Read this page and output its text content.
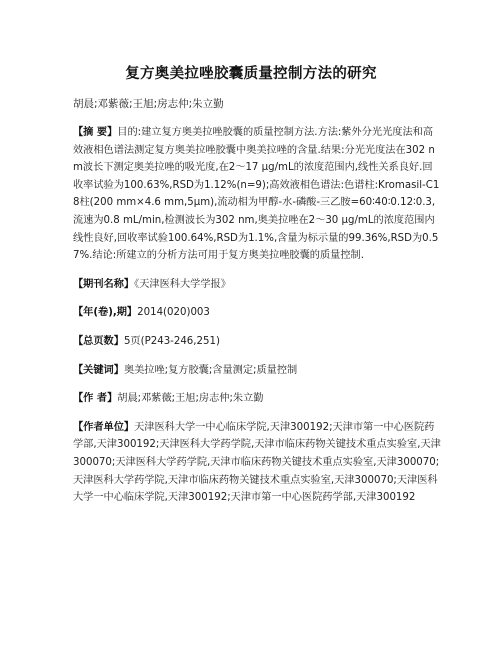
复方奥美拉唑胶囊质量控制方法的研究
胡晨;邓紫薇;王旭;房志仲;朱立勤
【摘 要】目的:建立复方奥美拉唑胶囊的质量控制方法.方法:紫外分光光度法和高效液相色谱法测定复方奥美拉唑胶囊中奥美拉唑的含量.结果:分光光度法在302 nm波长下测定奥美拉唑的吸光度,在2～17 μg/mL的浓度范围内,线性关系良好.回收率试验为100.63%,RSD为1.12%(n=9);高效液相色谱法:色谱柱:Kromasil-C18柱(200 mm×4.6 mm,5μm),流动相为甲醇-水-磷酸-三乙胺=60∶40∶0.12∶0.3,流速为0.8 mL/min,检测波长为302 nm,奥美拉唑在2～30 μg/mL的浓度范围内线性良好,回收率试验100.64%,RSD为1.1%,含量为标示量的99.36%,RSD为0.57%.结论:所建立的分析方法可用于复方奥美拉唑胶囊的质量控制.
【期刊名称】《天津医科大学学报》
【年(卷),期】2014(020)003
【总页数】5页(P243-246,251)
【关键词】奥美拉唑;复方胶囊;含量测定;质量控制
【作 者】胡晨;邓紫薇;王旭;房志仲;朱立勤
【作者单位】天津医科大学一中心临床学院,天津300192;天津市第一中心医院药学部,天津300192;天津医科大学药学院,天津市临床药物关键技术重点实验室,天津300070;天津医科大学药学院,天津市临床药物关键技术重点实验室,天津300070;天津医科大学药学院,天津市临床药物关键技术重点实验室,天津300070;天津医科大学一中心临床学院,天津300192;天津市第一中心医院药学部,天津300192
